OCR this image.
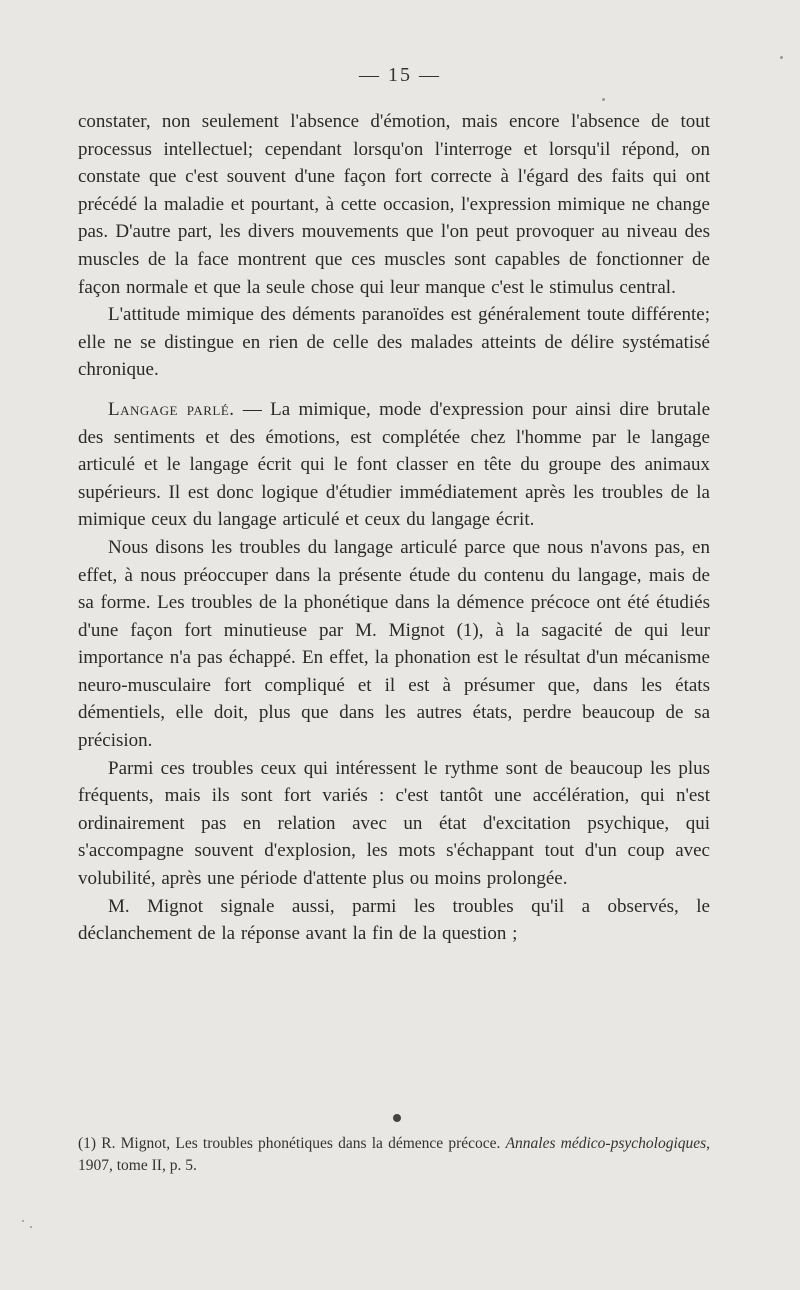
— 15 —

constater, non seulement l'absence d'émotion, mais encore l'absence de tout processus intellectuel; cependant lorsqu'on l'interroge et lorsqu'il répond, on constate que c'est souvent d'une façon fort correcte à l'égard des faits qui ont précédé la maladie et pourtant, à cette occasion, l'expression mimique ne change pas. D'autre part, les divers mouvements que l'on peut provoquer au niveau des muscles de la face montrent que ces muscles sont capables de fonctionner de façon normale et que la seule chose qui leur manque c'est le stimulus central.

L'attitude mimique des déments paranoïdes est généralement toute différente; elle ne se distingue en rien de celle des malades atteints de délire systématisé chronique.

Langage parlé. — La mimique, mode d'expression pour ainsi dire brutale des sentiments et des émotions, est complétée chez l'homme par le langage articulé et le langage écrit qui le font classer en tête du groupe des animaux supérieurs. Il est donc logique d'étudier immédiatement après les troubles de la mimique ceux du langage articulé et ceux du langage écrit.

Nous disons les troubles du langage articulé parce que nous n'avons pas, en effet, à nous préoccuper dans la présente étude du contenu du langage, mais de sa forme. Les troubles de la phonétique dans la démence précoce ont été étudiés d'une façon fort minutieuse par M. Mignot (1), à la sagacité de qui leur importance n'a pas échappé. En effet, la phonation est le résultat d'un mécanisme neuro-musculaire fort compliqué et il est à présumer que, dans les états démentiels, elle doit, plus que dans les autres états, perdre beaucoup de sa précision.

Parmi ces troubles ceux qui intéressent le rythme sont de beaucoup les plus fréquents, mais ils sont fort variés : c'est tantôt une accélération, qui n'est ordinairement pas en relation avec un état d'excitation psychique, qui s'accompagne souvent d'explosion, les mots s'échappant tout d'un coup avec volubilité, après une période d'attente plus ou moins prolongée.

M. Mignot signale aussi, parmi les troubles qu'il a observés, le déclanchement de la réponse avant la fin de la question ;

(1) R. Mignot, Les troubles phonétiques dans la démence précoce. Annales médico-psychologiques, 1907, tome II, p. 5.
